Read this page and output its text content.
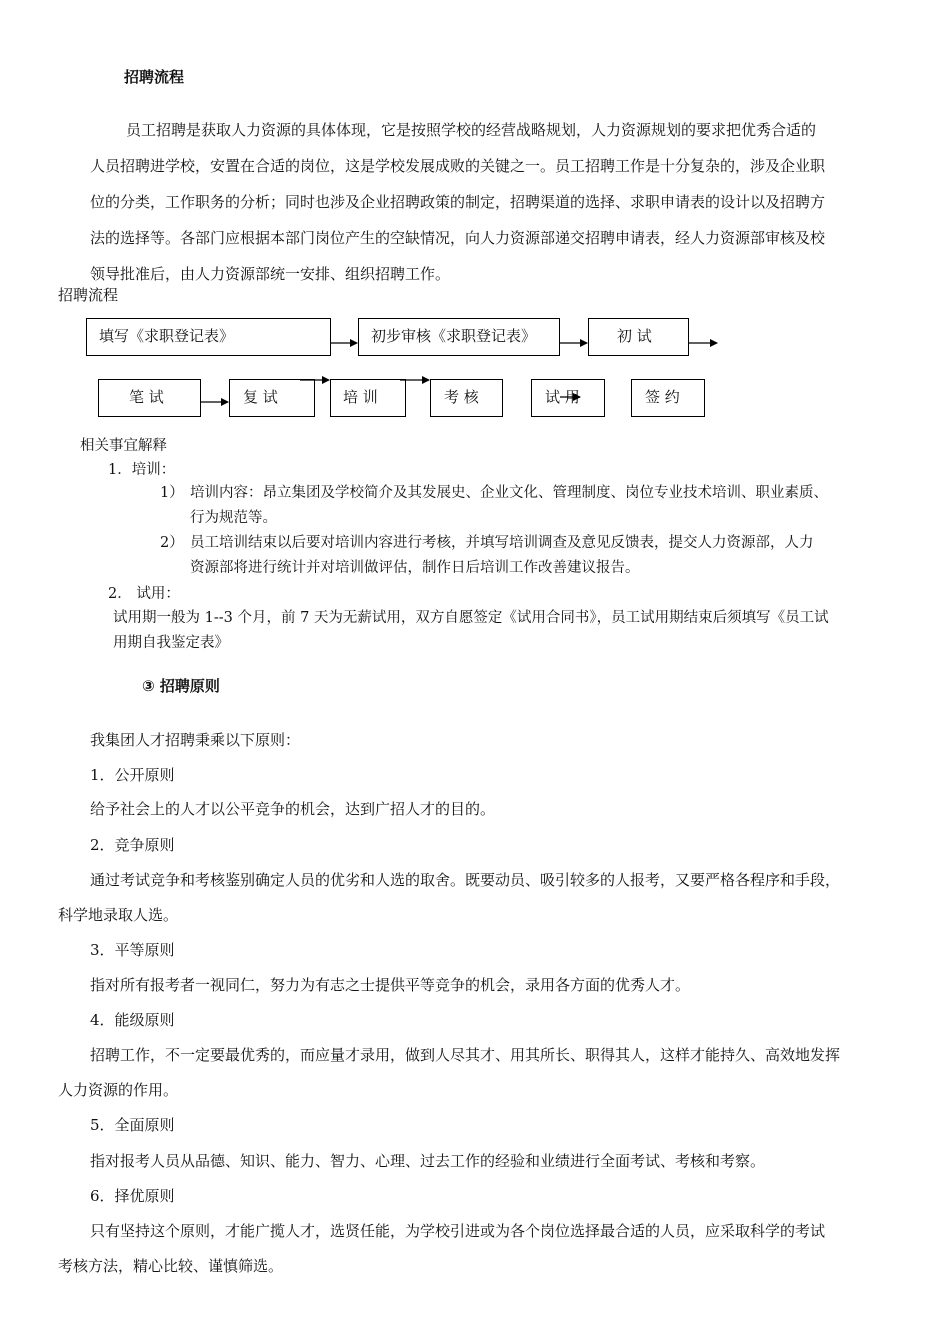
招聘流程
员工招聘是获取人力资源的具体体现，它是按照学校的经营战略规划，人力资源规划的要求把优秀合适的
人员招聘进学校，安置在合适的岗位，这是学校发展成败的关键之一。员工招聘工作是十分复杂的，涉及企业职
位的分类，工作职务的分析；同时也涉及企业招聘政策的制定，招聘渠道的选择、求职申请表的设计以及招聘方
法的选择等。各部门应根据本部门岗位产生的空缺情况，向人力资源部递交招聘申请表，经人力资源部审核及校
领导批准后，由人力资源部统一安排、组织招聘工作。
招聘流程
填写《求职登记表》	初步审核《求职登记表》	初 试
笔 试	复 试	培 训	考 核	试 用	签 约
相关事宜解释
1．培训：
1） 培训内容：昂立集团及学校简介及其发展史、企业文化、管理制度、岗位专业技术培训、职业素质、
行为规范等。
2） 员工培训结束以后要对培训内容进行考核，并填写培训调查及意见反馈表，提交人力资源部，人力
资源部将进行统计并对培训做评估，制作日后培训工作改善建议报告。
2． 试用：
试用期一般为 1--3 个月，前 7 天为无薪试用，双方自愿签定《试用合同书》，员工试用期结束后须填写《员工试
用期自我鉴定表》
③ 招聘原则
我集团人才招聘秉乘以下原则：
1．公开原则
给予社会上的人才以公平竞争的机会，达到广招人才的目的。
2．竞争原则
通过考试竞争和考核鉴别确定人员的优劣和人选的取舍。既要动员、吸引较多的人报考，又要严格各程序和手段，
科学地录取人选。
3．平等原则
指对所有报考者一视同仁，努力为有志之士提供平等竞争的机会，录用各方面的优秀人才。
4．能级原则
招聘工作，不一定要最优秀的，而应量才录用，做到人尽其才、用其所长、职得其人，这样才能持久、高效地发挥
人力资源的作用。
5．全面原则
指对报考人员从品德、知识、能力、智力、心理、过去工作的经验和业绩进行全面考试、考核和考察。
6．择优原则
只有坚持这个原则，才能广揽人才，选贤任能，为学校引进或为各个岗位选择最合适的人员，应采取科学的考试
考核方法，精心比较、谨慎筛选。
